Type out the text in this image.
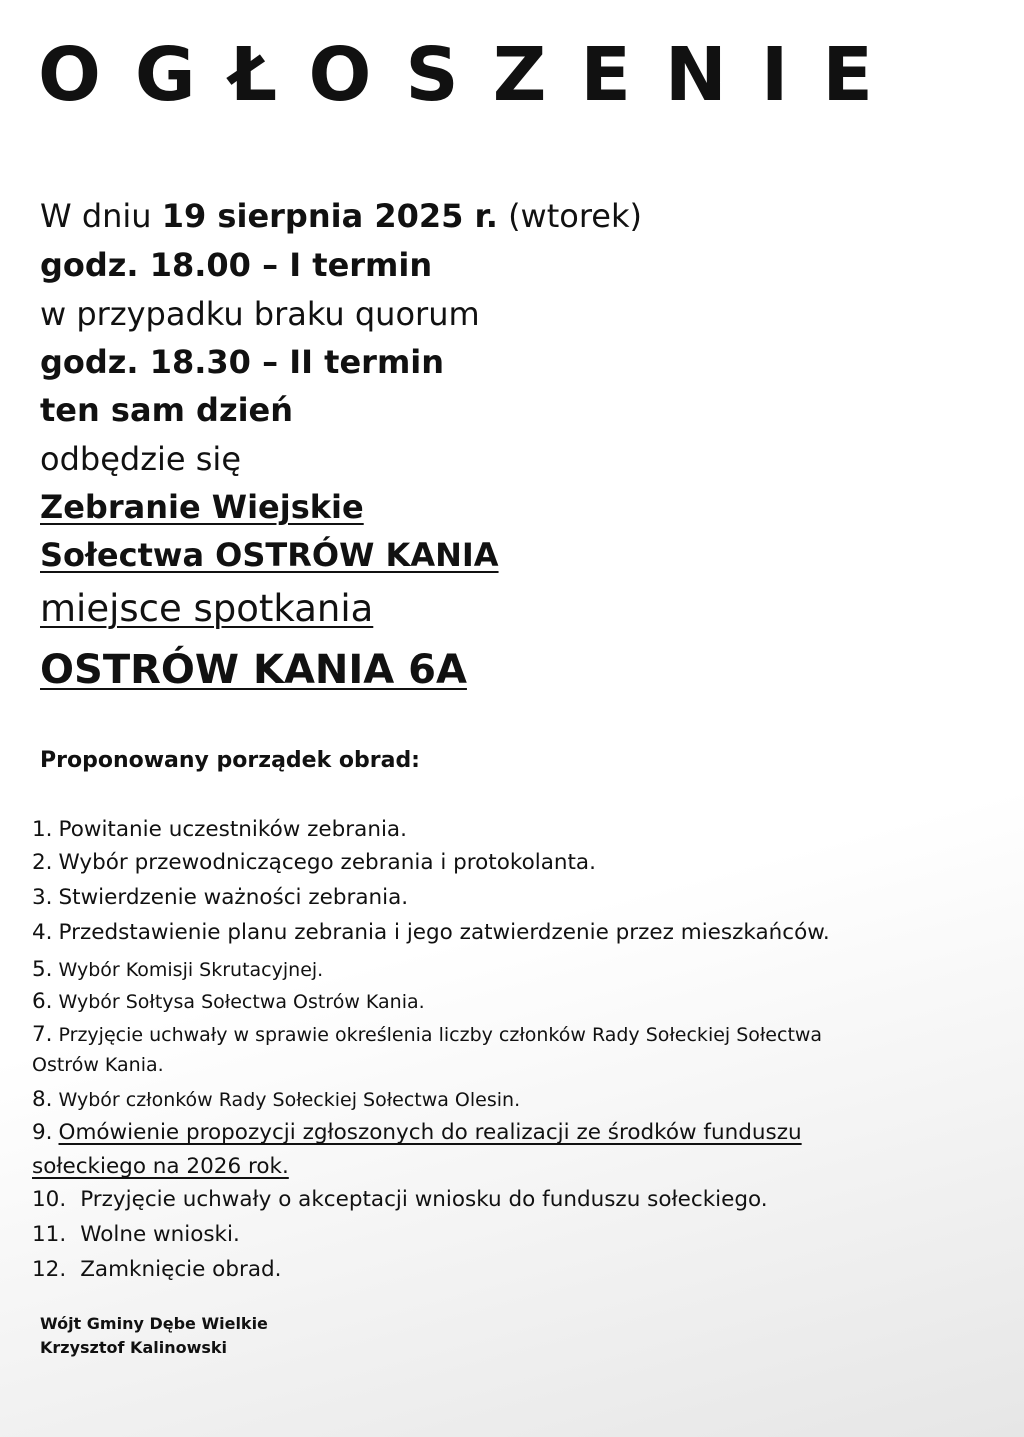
OGŁOSZENIE
W dniu 19 sierpnia 2025 r. (wtorek)
godz. 18.00 – I termin
w przypadku braku quorum
godz. 18.30 – II termin
ten sam dzień
odbędzie się
Zebranie Wiejskie
Sołectwa OSTRÓW KANIA
miejsce spotkania
OSTRÓW KANIA 6A
Proponowany porządek obrad:
1. Powitanie uczestników zebrania.
2. Wybór przewodniczącego zebrania i protokolanta.
3. Stwierdzenie ważności zebrania.
4. Przedstawienie planu zebrania i jego zatwierdzenie przez mieszkańców.
5. Wybór Komisji Skrutacyjnej.
6. Wybór Sołtysa Sołectwa Ostrów Kania.
7. Przyjęcie uchwały w sprawie określenia liczby członków Rady Sołeckiej Sołectwa
Ostrów Kania.
8. Wybór członków Rady Sołeckiej Sołectwa Olesin.
9. Omówienie propozycji zgłoszonych do realizacji ze środków funduszu
sołeckiego na 2026 rok.
10. Przyjęcie uchwały o akceptacji wniosku do funduszu sołeckiego.
11. Wolne wnioski.
12. Zamknięcie obrad.
Wójt Gminy Dębe Wielkie
Krzysztof Kalinowski
